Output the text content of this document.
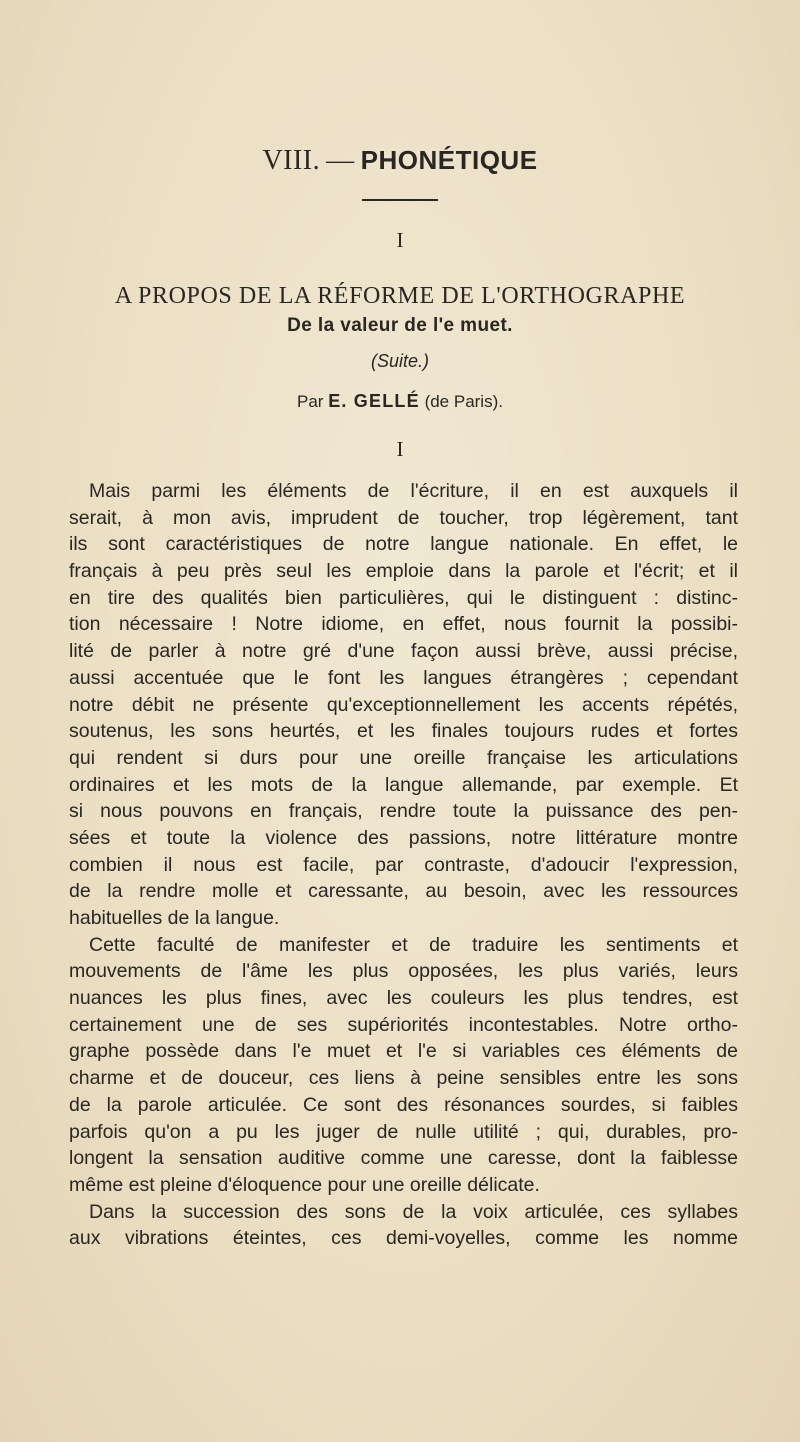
VIII. — PHONÉTIQUE
I
A PROPOS DE LA RÉFORME DE L'ORTHOGRAPHE
De la valeur de l'e muet.
(Suite.)
Par E. GELLÉ (de Paris).
I
Mais parmi les éléments de l'écriture, il en est auxquels il
serait, à mon avis, imprudent de toucher, trop légèrement, tant
ils sont caractéristiques de notre langue nationale. En effet, le
français à peu près seul les emploie dans la parole et l'écrit; et il
en tire des qualités bien particulières, qui le distinguent : distinc-
tion nécessaire ! Notre idiome, en effet, nous fournit la possibi-
lité de parler à notre gré d'une façon aussi brève, aussi précise,
aussi accentuée que le font les langues étrangères ; cependant
notre débit ne présente qu'exceptionnellement les accents répétés,
soutenus, les sons heurtés, et les finales toujours rudes et fortes
qui rendent si durs pour une oreille française les articulations
ordinaires et les mots de la langue allemande, par exemple. Et
si nous pouvons en français, rendre toute la puissance des pen-
sées et toute la violence des passions, notre littérature montre
combien il nous est facile, par contraste, d'adoucir l'expression,
de la rendre molle et caressante, au besoin, avec les ressources
habituelles de la langue.
Cette faculté de manifester et de traduire les sentiments et
mouvements de l'âme les plus opposées, les plus variés, leurs
nuances les plus fines, avec les couleurs les plus tendres, est
certainement une de ses supériorités incontestables. Notre ortho-
graphe possède dans l'e muet et l'e si variables ces éléments de
charme et de douceur, ces liens à peine sensibles entre les sons
de la parole articulée. Ce sont des résonances sourdes, si faibles
parfois qu'on a pu les juger de nulle utilité ; qui, durables, pro-
longent la sensation auditive comme une caresse, dont la faiblesse
même est pleine d'éloquence pour une oreille délicate.
Dans la succession des sons de la voix articulée, ces syllabes
aux vibrations éteintes, ces demi-voyelles, comme les nomme
